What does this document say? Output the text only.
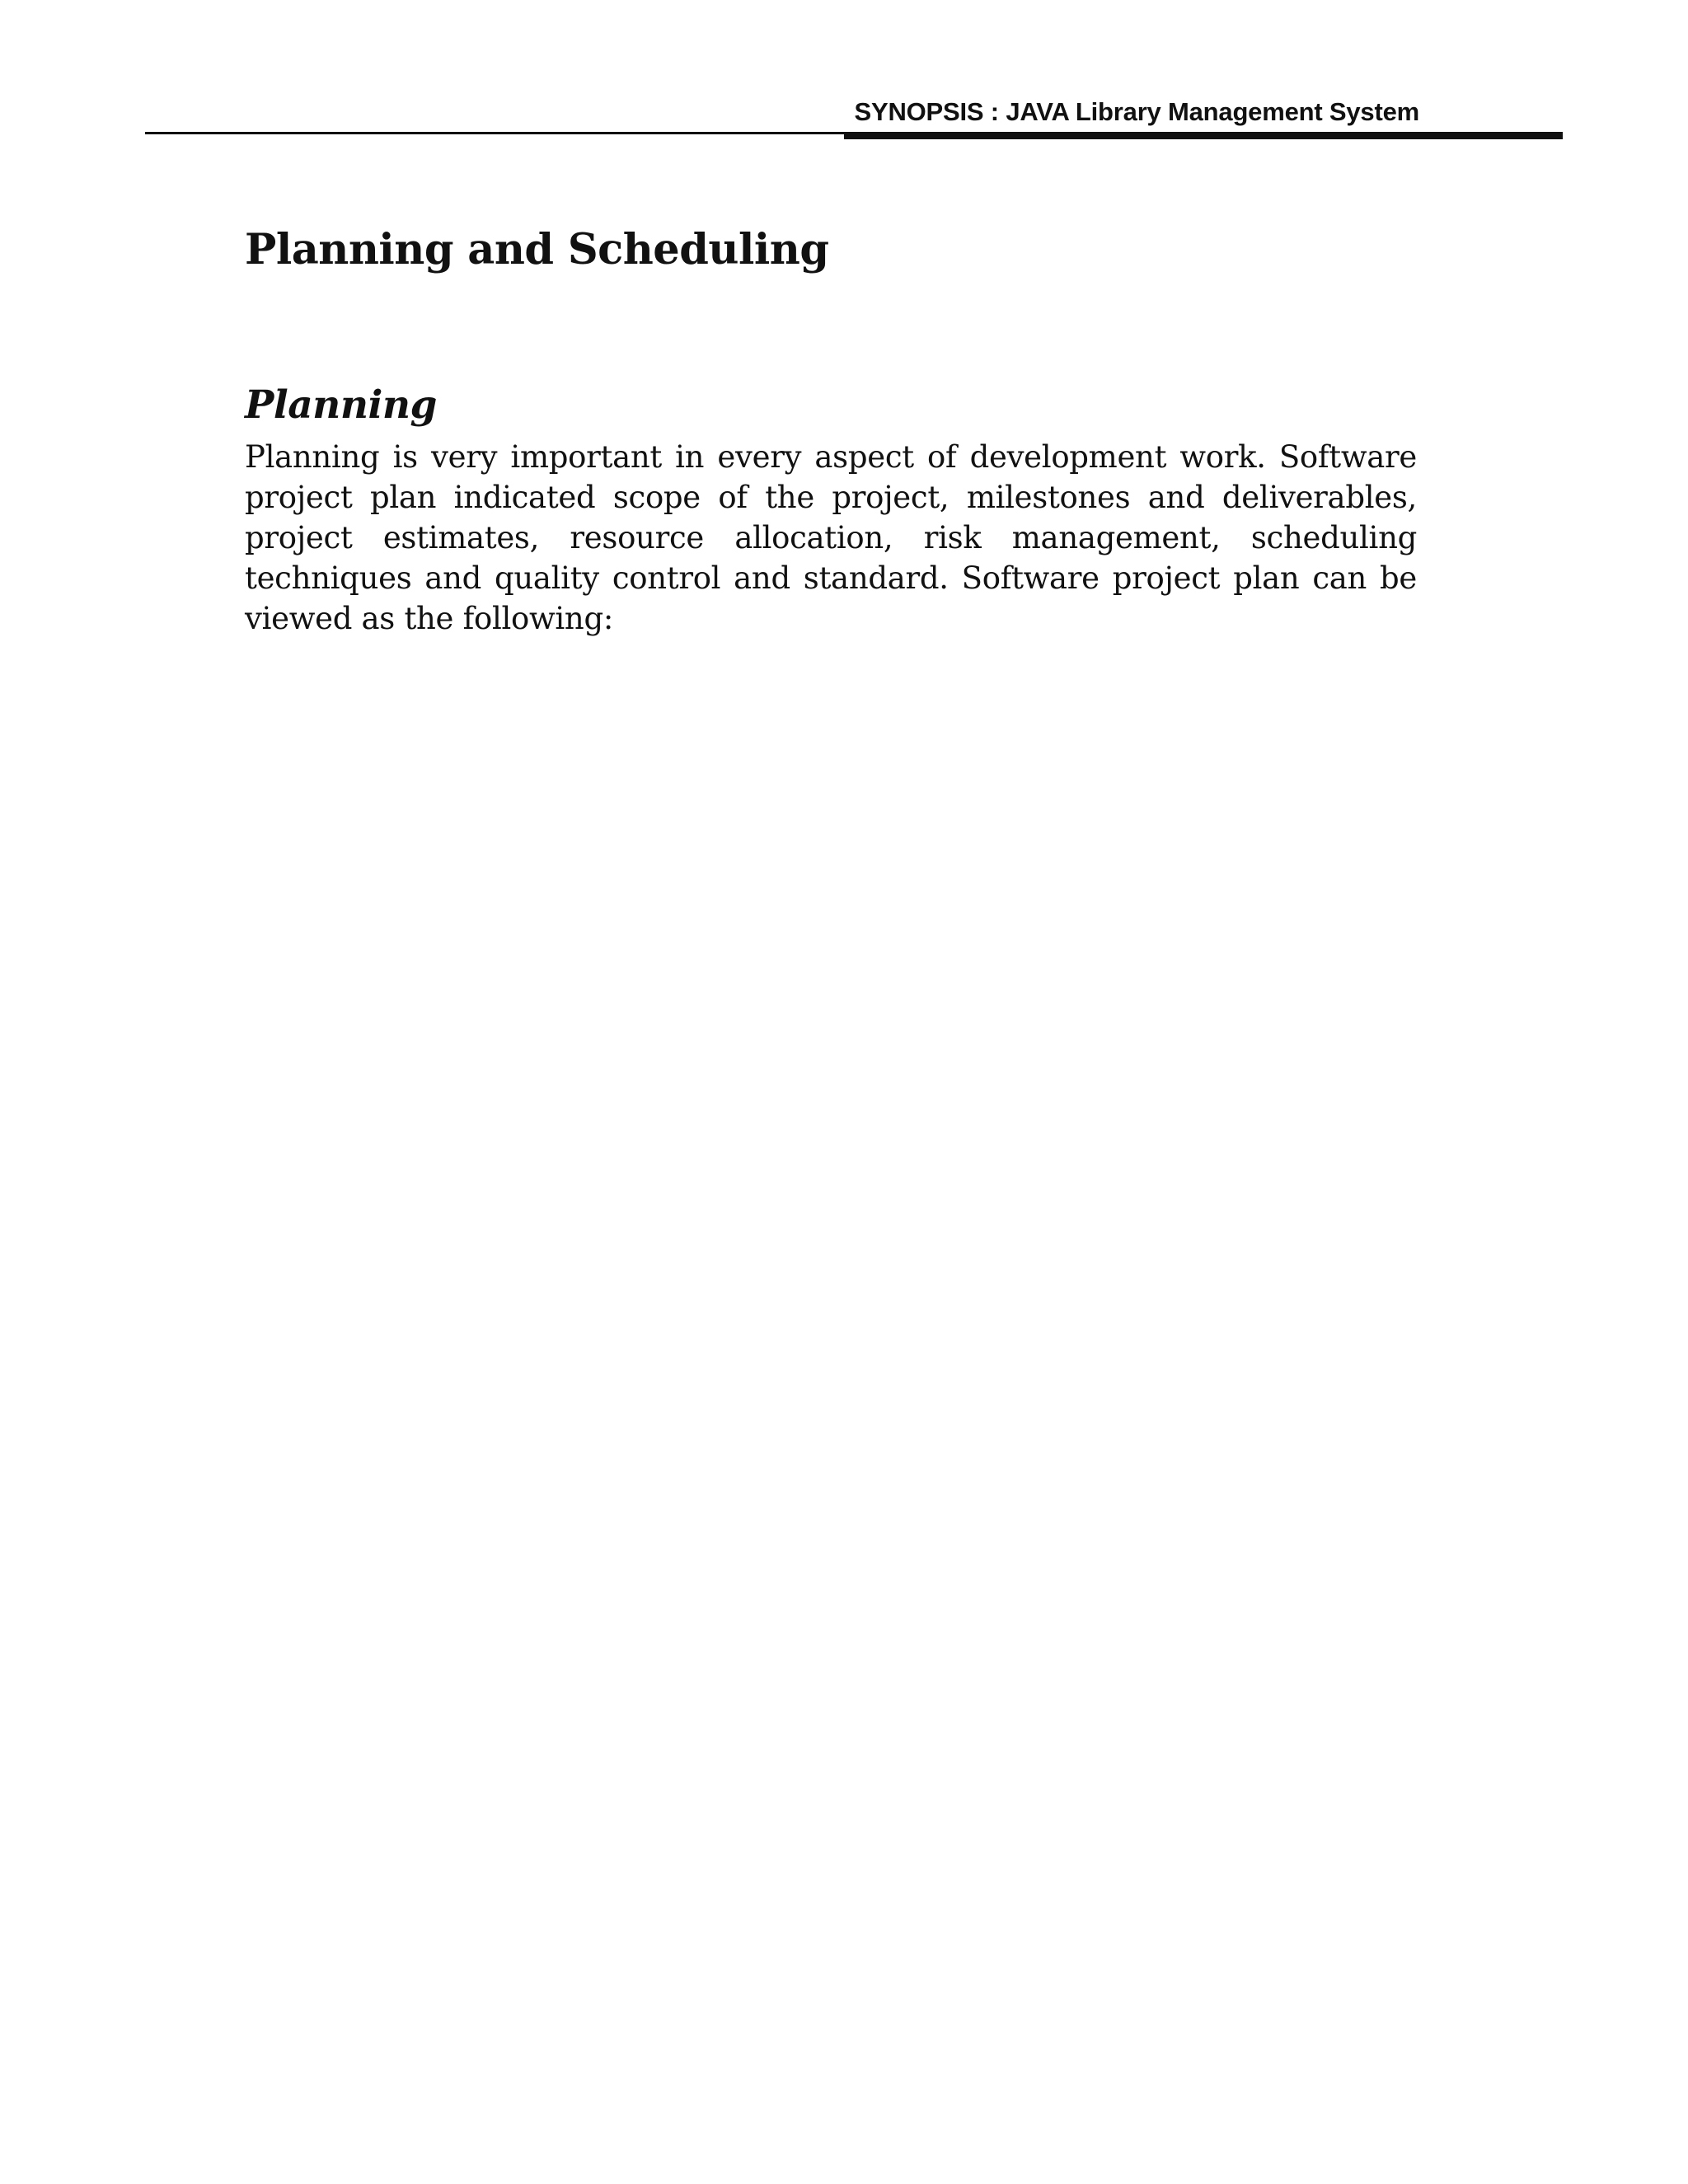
SYNOPSIS : JAVA Library Management System
Planning and Scheduling
Planning

Planning is very important in every aspect of development work. Software project plan indicated scope of the project, milestones and deliverables, project estimates, resource allocation, risk management, scheduling techniques and quality control and standard. Software project plan can be viewed as the following:
